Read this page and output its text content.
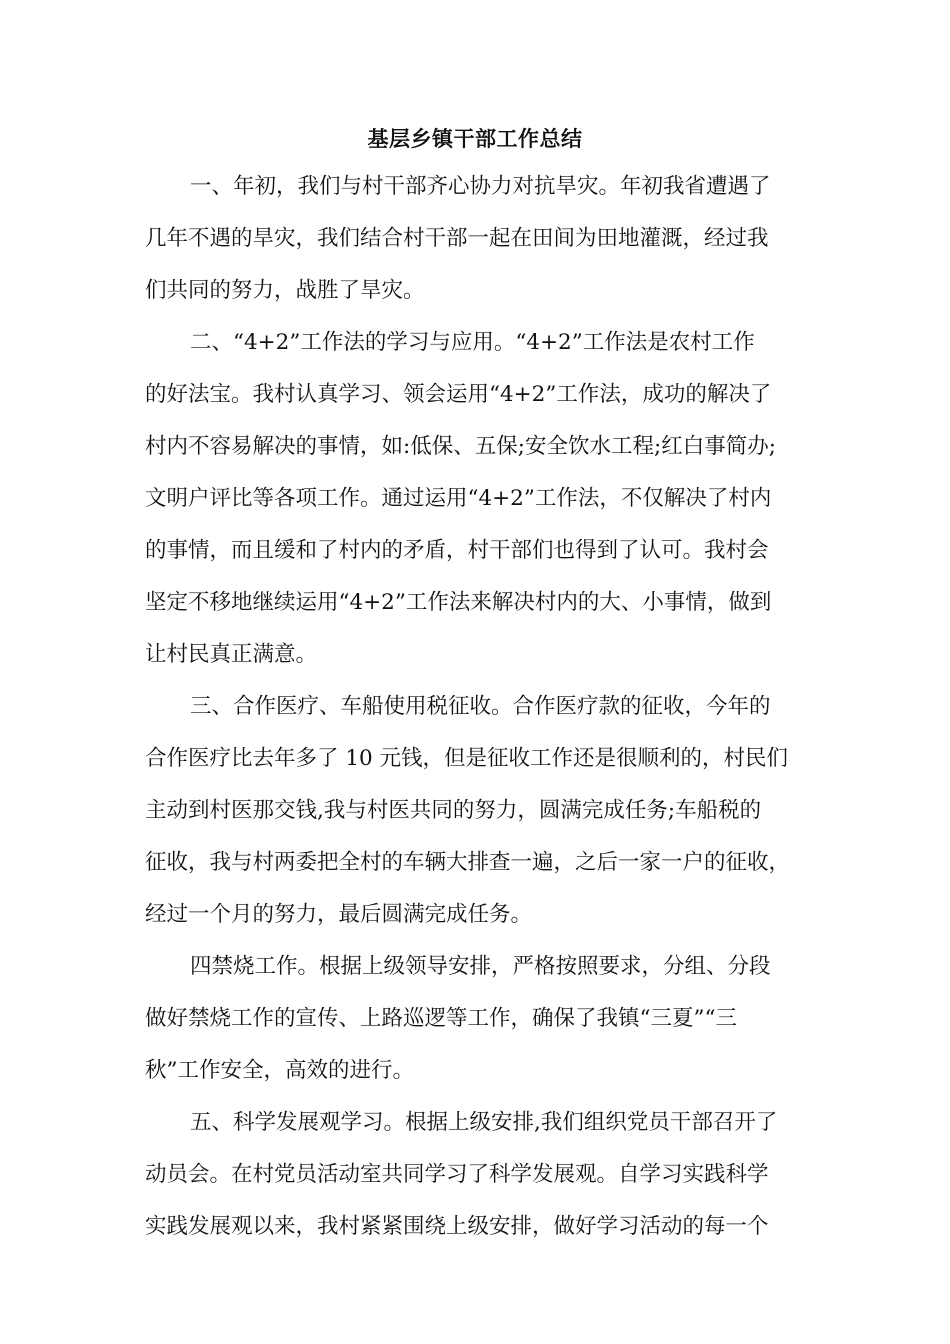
基层乡镇干部工作总结
一、年初，我们与村干部齐心协力对抗旱灾。年初我省遭遇了
几年不遇的旱灾，我们结合村干部一起在田间为田地灌溉，经过我
们共同的努力，战胜了旱灾。
二、“4+2”工作法的学习与应用。“4+2”工作法是农村工作
的好法宝。我村认真学习、领会运用“4+2”工作法，成功的解决了
村内不容易解决的事情，如:低保、五保;安全饮水工程;红白事简办;
文明户评比等各项工作。通过运用“4+2”工作法，不仅解决了村内
的事情，而且缓和了村内的矛盾，村干部们也得到了认可。我村会
坚定不移地继续运用“4+2”工作法来解决村内的大、小事情，做到
让村民真正满意。
三、合作医疗、车船使用税征收。合作医疗款的征收，今年的
合作医疗比去年多了 10 元钱，但是征收工作还是很顺利的，村民们
主动到村医那交钱,我与村医共同的努力，圆满完成任务;车船税的
征收，我与村两委把全村的车辆大排查一遍，之后一家一户的征收，
经过一个月的努力，最后圆满完成任务。
四禁烧工作。根据上级领导安排，严格按照要求，分组、分段
做好禁烧工作的宣传、上路巡逻等工作，确保了我镇“三夏”“三
秋”工作安全，高效的进行。
五、科学发展观学习。根据上级安排,我们组织党员干部召开了
动员会。在村党员活动室共同学习了科学发展观。自学习实践科学
实践发展观以来，我村紧紧围绕上级安排，做好学习活动的每一个
